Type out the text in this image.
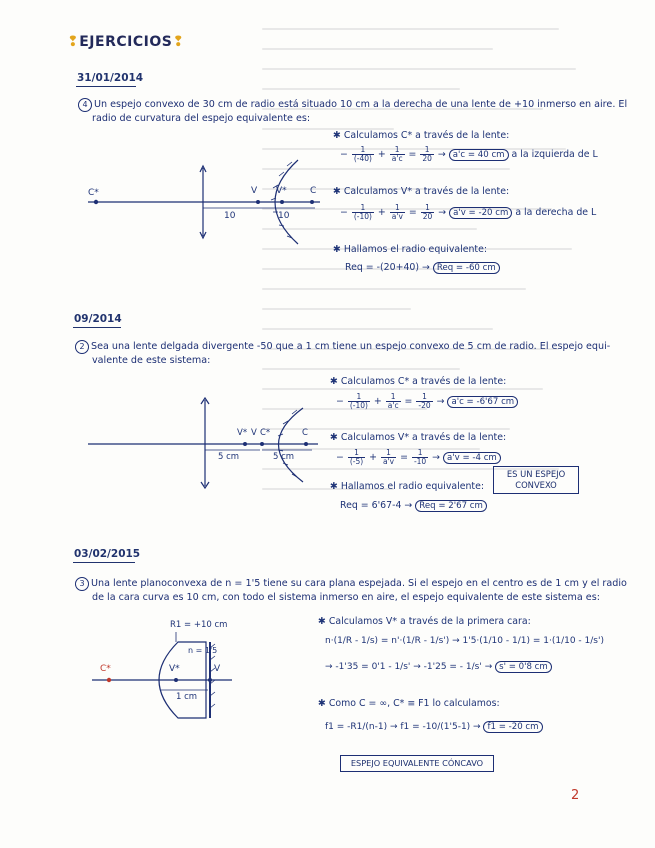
❢EJERCICIOS❢
31/01/2014
4 Un espejo convexo de 30 cm de radio está situado 10 cm a la derecha de una lente de +10 inmerso en aire. El
radio de curvatura del espejo equivalente es:
C*	V V*	C
10	10
✱ Calculamos C* a través de la lente:
− $\frac{1}{(-40)} + \frac{1}{a'c} = \frac{1}{20} \to a'c = 40$ cm a la izquierda de L
✱ Calculamos V* a través de la lente:
− $\frac{1}{(-10)} + \frac{1}{a'v} = \frac{1}{20} \to a'v = -20$ cm a la derecha de L
✱ Hallamos el radio equivalente:
Req = -(20+40) → Req = -60 cm
09/2014
2 Sea una lente delgada divergente -50 que a 1 cm tiene un espejo convexo de 5 cm de radio. El espejo equi-
valente de este sistema:
V* V C*	C
5 cm	5 cm
✱ Calculamos C* a través de la lente:
− $\frac{1}{(-10)} + \frac{1}{a'c} = \frac{1}{-20} \to a'c = -6'67$ cm
✱ Calculamos V* a través de la lente:
− $\frac{1}{(-5)} + \frac{1}{a'v} = \frac{1}{-10} \to a'v = -4$ cm
✱ Hallamos el radio equivalente:
Req = 6'67-4 → Req = 2'67 cm
ES UN ESPEJO
CONVEXO
03/02/2015
3 Una lente planoconvexa de n = 1'5 tiene su cara plana espejada. Si el espejo en el centro es de 1 cm y el radio
de la cara curva es 10 cm, con todo el sistema inmerso en aire, el espejo equivalente de este sistema es:
R1 = +10 cm
n = 1'5
C*	V*	V
1 cm
✱ Calculamos V* a través de la primera cara:
n·(1/R - 1/s) = n'·(1/R - 1/s') → 1'5·(1/10 - 1/1) = 1·(1/10 - 1/s')
→ -1'35 = 0'1 - 1/s' → -1'25 = - 1/s' → s' = 0'8 cm
✱ Como C = ∞, C* ≡ F1 lo calculamos:
f1 = -R1/(n-1) → f1 = -10/(1'5-1) → f1 = -20 cm
ESPEJO EQUIVALENTE CÓNCAVO
2
